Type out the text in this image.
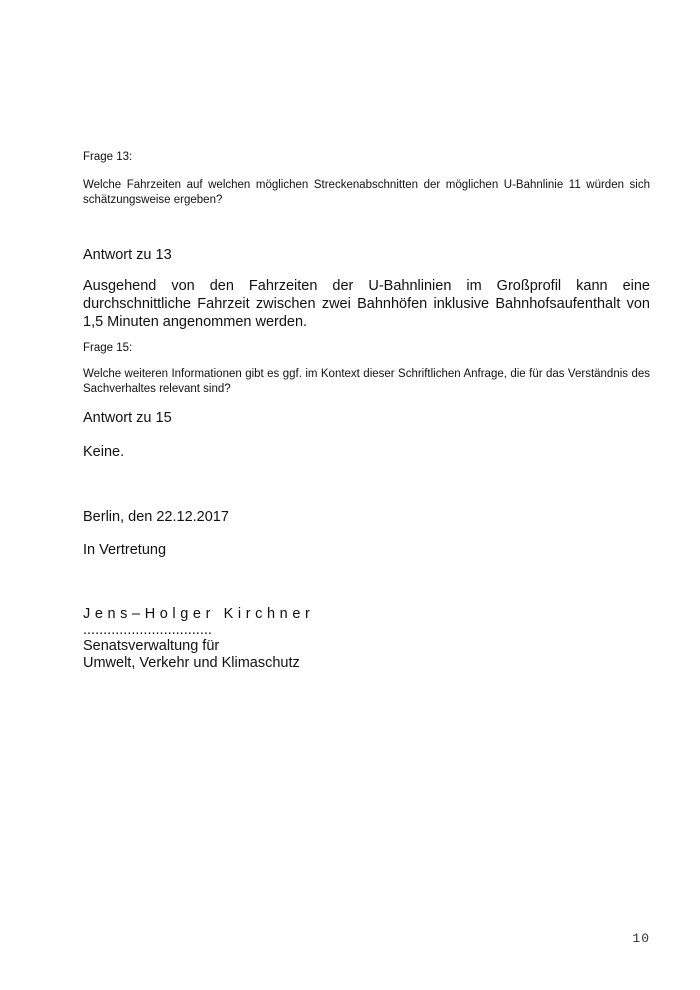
Frage 13:

Welche Fahrzeiten auf welchen möglichen Streckenabschnitten der möglichen U-Bahnlinie 11 würden sich schätzungsweise ergeben?

Antwort zu 13

Ausgehend von den Fahrzeiten der U-Bahnlinien im Großprofil kann eine durchschnittliche Fahrzeit zwischen zwei Bahnhöfen inklusive Bahnhofsaufenthalt von 1,5 Minuten angenommen werden.

Frage 15:

Welche weiteren Informationen gibt es ggf. im Kontext dieser Schriftlichen Anfrage, die für das Verständnis des Sachverhaltes relevant sind?

Antwort zu 15

Keine.

Berlin, den 22.12.2017

In Vertretung

Jens–Holger Kirchner

................................

Senatsverwaltung für

Umwelt, Verkehr und Klimaschutz

10
